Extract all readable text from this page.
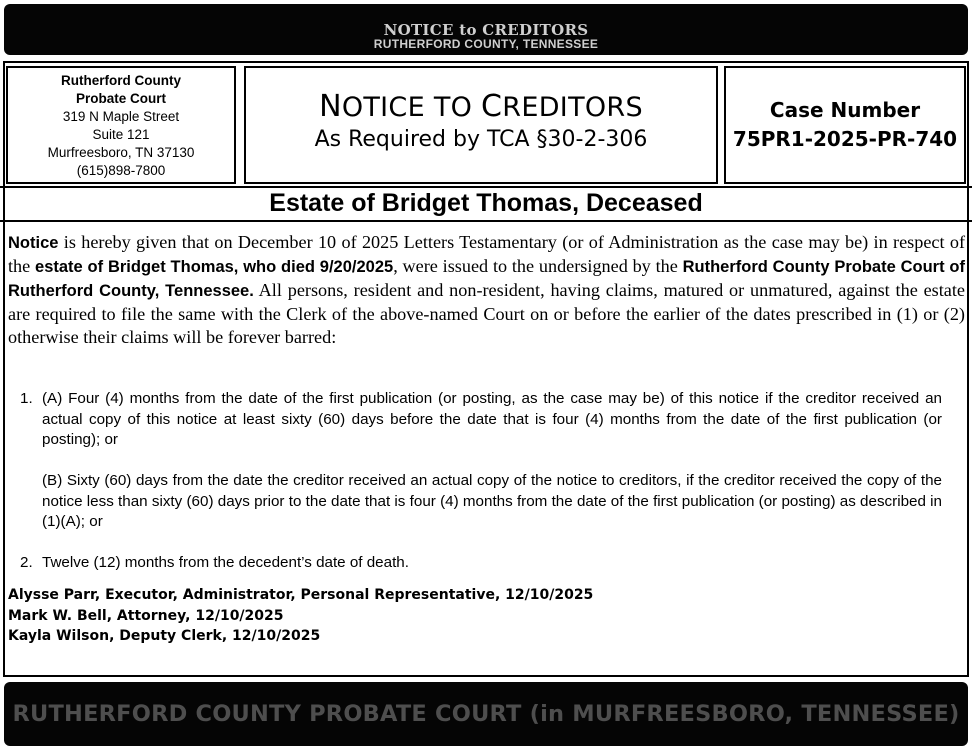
NOTICE to CREDITORS
RUTHERFORD COUNTY, TENNESSEE
Rutherford County
Probate Court
319 N Maple Street
Suite 121
Murfreesboro, TN 37130
(615)898-7800
NOTICE TO CREDITORS
As Required by TCA §30-2-306
Case Number
75PR1-2025-PR-740
Estate of Bridget Thomas, Deceased
Notice is hereby given that on December 10 of 2025 Letters Testamentary (or of Administration as the case may be) in respect of the estate of Bridget Thomas, who died 9/20/2025, were issued to the undersigned by the Rutherford County Probate Court of Rutherford County, Tennessee. All persons, resident and non-resident, having claims, matured or unmatured, against the estate are required to file the same with the Clerk of the above-named Court on or before the earlier of the dates prescribed in (1) or (2) otherwise their claims will be forever barred:
1. (A) Four (4) months from the date of the first publication (or posting, as the case may be) of this notice if the creditor received an actual copy of this notice at least sixty (60) days before the date that is four (4) months from the date of the first publication (or posting); or
(B) Sixty (60) days from the date the creditor received an actual copy of the notice to creditors, if the creditor received the copy of the notice less than sixty (60) days prior to the date that is four (4) months from the date of the first publication (or posting) as described in (1)(A); or
2. Twelve (12) months from the decedent’s date of death.
Alysse Parr, Executor, Administrator, Personal Representative, 12/10/2025
Mark W. Bell, Attorney, 12/10/2025
Kayla Wilson, Deputy Clerk, 12/10/2025
RUTHERFORD COUNTY PROBATE COURT (in MURFREESBORO, TENNESSEE)
